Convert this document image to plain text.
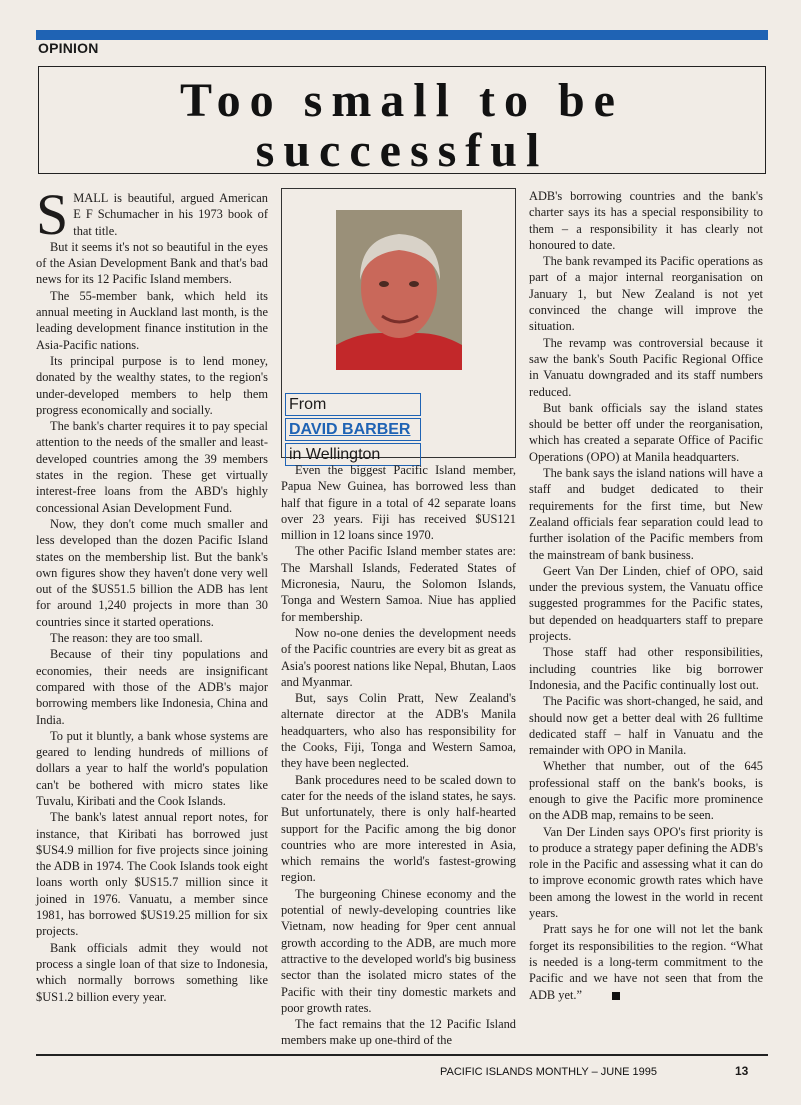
OPINION
Too small to be
successful

SMALL is beautiful, argued American E F Schumacher in his 1973 book of that title.

But it seems it's not so beautiful in the eyes of the Asian Development Bank and that's bad news for its 12 Pacific Island members.

The 55-member bank, which held its annual meeting in Auckland last month, is the leading development finance institution in the Asia-Pacific nations.

Its principal purpose is to lend money, donated by the wealthy states, to the region's under-developed members to help them progress economically and socially.

The bank's charter requires it to pay special attention to the needs of the smaller and least-developed countries among the 39 members states in the region. These get virtually interest-free loans from the ABD's highly concessional Asian Development Fund.

Now, they don't come much smaller and less developed than the dozen Pacific Island states on the membership list. But the bank's own figures show they haven't done very well out of the $US51.5 billion the ADB has lent for around 1,240 projects in more than 30 countries since it started operations.

The reason: they are too small.

Because of their tiny populations and economies, their needs are insignificant compared with those of the ADB's major borrowing members like Indonesia, China and India.

To put it bluntly, a bank whose systems are geared to lending hundreds of millions of dollars a year to half the world's population can't be bothered with micro states like Tuvalu, Kiribati and the Cook Islands.

The bank's latest annual report notes, for instance, that Kiribati has borrowed just $US4.9 million for five projects since joining the ADB in 1974. The Cook Islands took eight loans worth only $US15.7 million since it joined in 1976. Vanuatu, a member since 1981, has borrowed $US19.25 million for six projects.

Bank officials admit they would not process a single loan of that size to Indonesia, which normally borrows something like $US1.2 billion every year.

From
DAVID BARBER
in Wellington

Even the biggest Pacific Island member, Papua New Guinea, has borrowed less than half that figure in a total of 42 separate loans over 23 years. Fiji has received $US121 million in 12 loans since 1970.

The other Pacific Island member states are: The Marshall Islands, Federated States of Micronesia, Nauru, the Solomon Islands, Tonga and Western Samoa. Niue has applied for membership.

Now no-one denies the development needs of the Pacific countries are every bit as great as Asia's poorest nations like Nepal, Bhutan, Laos and Myanmar.

But, says Colin Pratt, New Zealand's alternate director at the ADB's Manila headquarters, who also has responsibility for the Cooks, Fiji, Tonga and Western Samoa, they have been neglected.

Bank procedures need to be scaled down to cater for the needs of the island states, he says. But unfortunately, there is only half-hearted support for the Pacific among the big donor countries who are more interested in Asia, which remains the world's fastest-growing region.

The burgeoning Chinese economy and the potential of newly-developing countries like Vietnam, now heading for 9per cent annual growth according to the ADB, are much more attractive to the developed world's big business sector than the isolated micro states of the Pacific with their tiny domestic markets and poor growth rates.

The fact remains that the 12 Pacific Island members make up one-third of the

ADB's borrowing countries and the bank's charter says its has a special responsibility to them – a responsibility it has clearly not honoured to date.

The bank revamped its Pacific operations as part of a major internal reorganisation on January 1, but New Zealand is not yet convinced the change will improve the situation.

The revamp was controversial because it saw the bank's South Pacific Regional Office in Vanuatu downgraded and its staff numbers reduced.

But bank officials say the island states should be better off under the reorganisation, which has created a separate Office of Pacific Operations (OPO) at Manila headquarters.

The bank says the island nations will have a staff and budget dedicated to their requirements for the first time, but New Zealand officials fear separation could lead to further isolation of the Pacific members from the mainstream of bank business.

Geert Van Der Linden, chief of OPO, said under the previous system, the Vanuatu office suggested programmes for the Pacific states, but depended on headquarters staff to prepare projects.

Those staff had other responsibilities, including countries like big borrower Indonesia, and the Pacific continually lost out.

The Pacific was short-changed, he said, and should now get a better deal with 26 fulltime dedicated staff – half in Vanuatu and the remainder with OPO in Manila.

Whether that number, out of the 645 professional staff on the bank's books, is enough to give the Pacific more prominence on the ADB map, remains to be seen.

Van Der Linden says OPO's first priority is to produce a strategy paper defining the ADB's role in the Pacific and assessing what it can do to improve economic growth rates which have been among the lowest in the world in recent years.

Pratt says he for one will not let the bank forget its responsibilities to the region. “What is needed is a long-term commitment to the Pacific and we have not seen that from the ADB yet.”

PACIFIC ISLANDS MONTHLY – JUNE 1995	13
